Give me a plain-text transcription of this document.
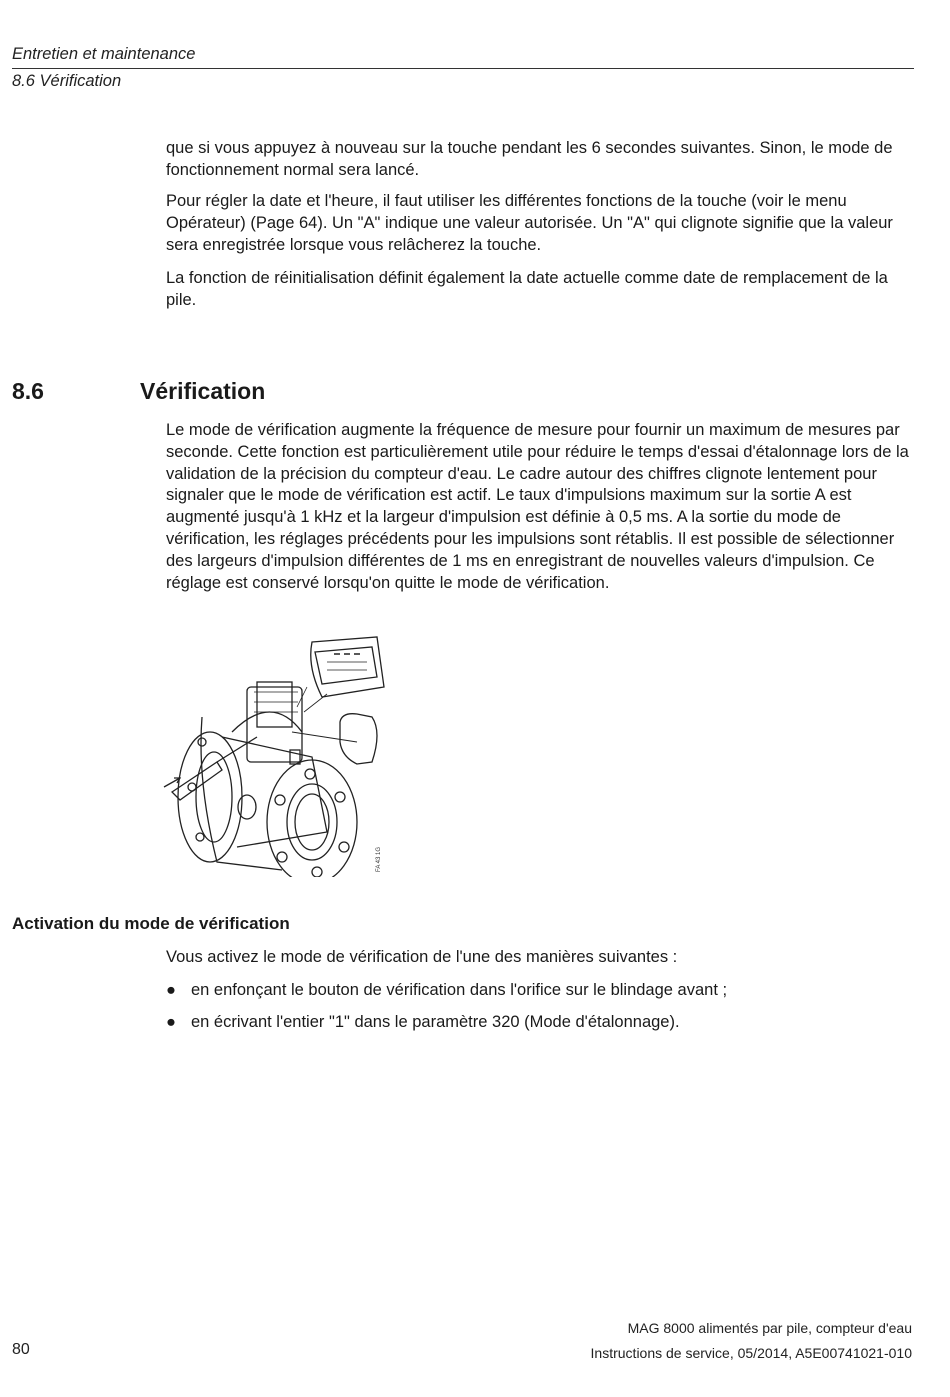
Entretien et maintenance
8.6 Vérification

que si vous appuyez à nouveau sur la touche pendant les 6 secondes suivantes. Sinon, le mode de fonctionnement normal sera lancé.

Pour régler la date et l'heure, il faut utiliser les différentes fonctions de la touche (voir le menu Opérateur) (Page 64). Un "A" indique une valeur autorisée. Un "A" qui clignote signifie que la valeur sera enregistrée lorsque vous relâcherez la touche.

La fonction de réinitialisation définit également la date actuelle comme date de remplacement de la pile.

8.6	Vérification

Le mode de vérification augmente la fréquence de mesure pour fournir un maximum de mesures par seconde. Cette fonction est particulièrement utile pour réduire le temps d'essai d'étalonnage lors de la validation de la précision du compteur d'eau. Le cadre autour des chiffres clignote lentement pour signaler que le mode de vérification est actif. Le taux d'impulsions maximum sur la sortie A est augmenté jusqu'à 1 kHz et la largeur d'impulsion est définie à 0,5 ms. A la sortie du mode de vérification, les réglages précédents pour les impulsions sont rétablis. Il est possible de sélectionner des largeurs d'impulsion différentes de 1 ms en enregistrant de nouvelles valeurs d'impulsion. Ce réglage est conservé lorsqu'on quitte le mode de vérification.

FA 43 1G
Activation du mode de vérification

Vous activez le mode de vérification de l'une des manières suivantes :

● en enfonçant le bouton de vérification dans l'orifice sur le blindage avant ;
● en écrivant l'entier "1" dans le paramètre 320 (Mode d'étalonnage).
MAG 8000 alimentés par pile, compteur d'eau
Instructions de service, 05/2014, A5E00741021-010
80
